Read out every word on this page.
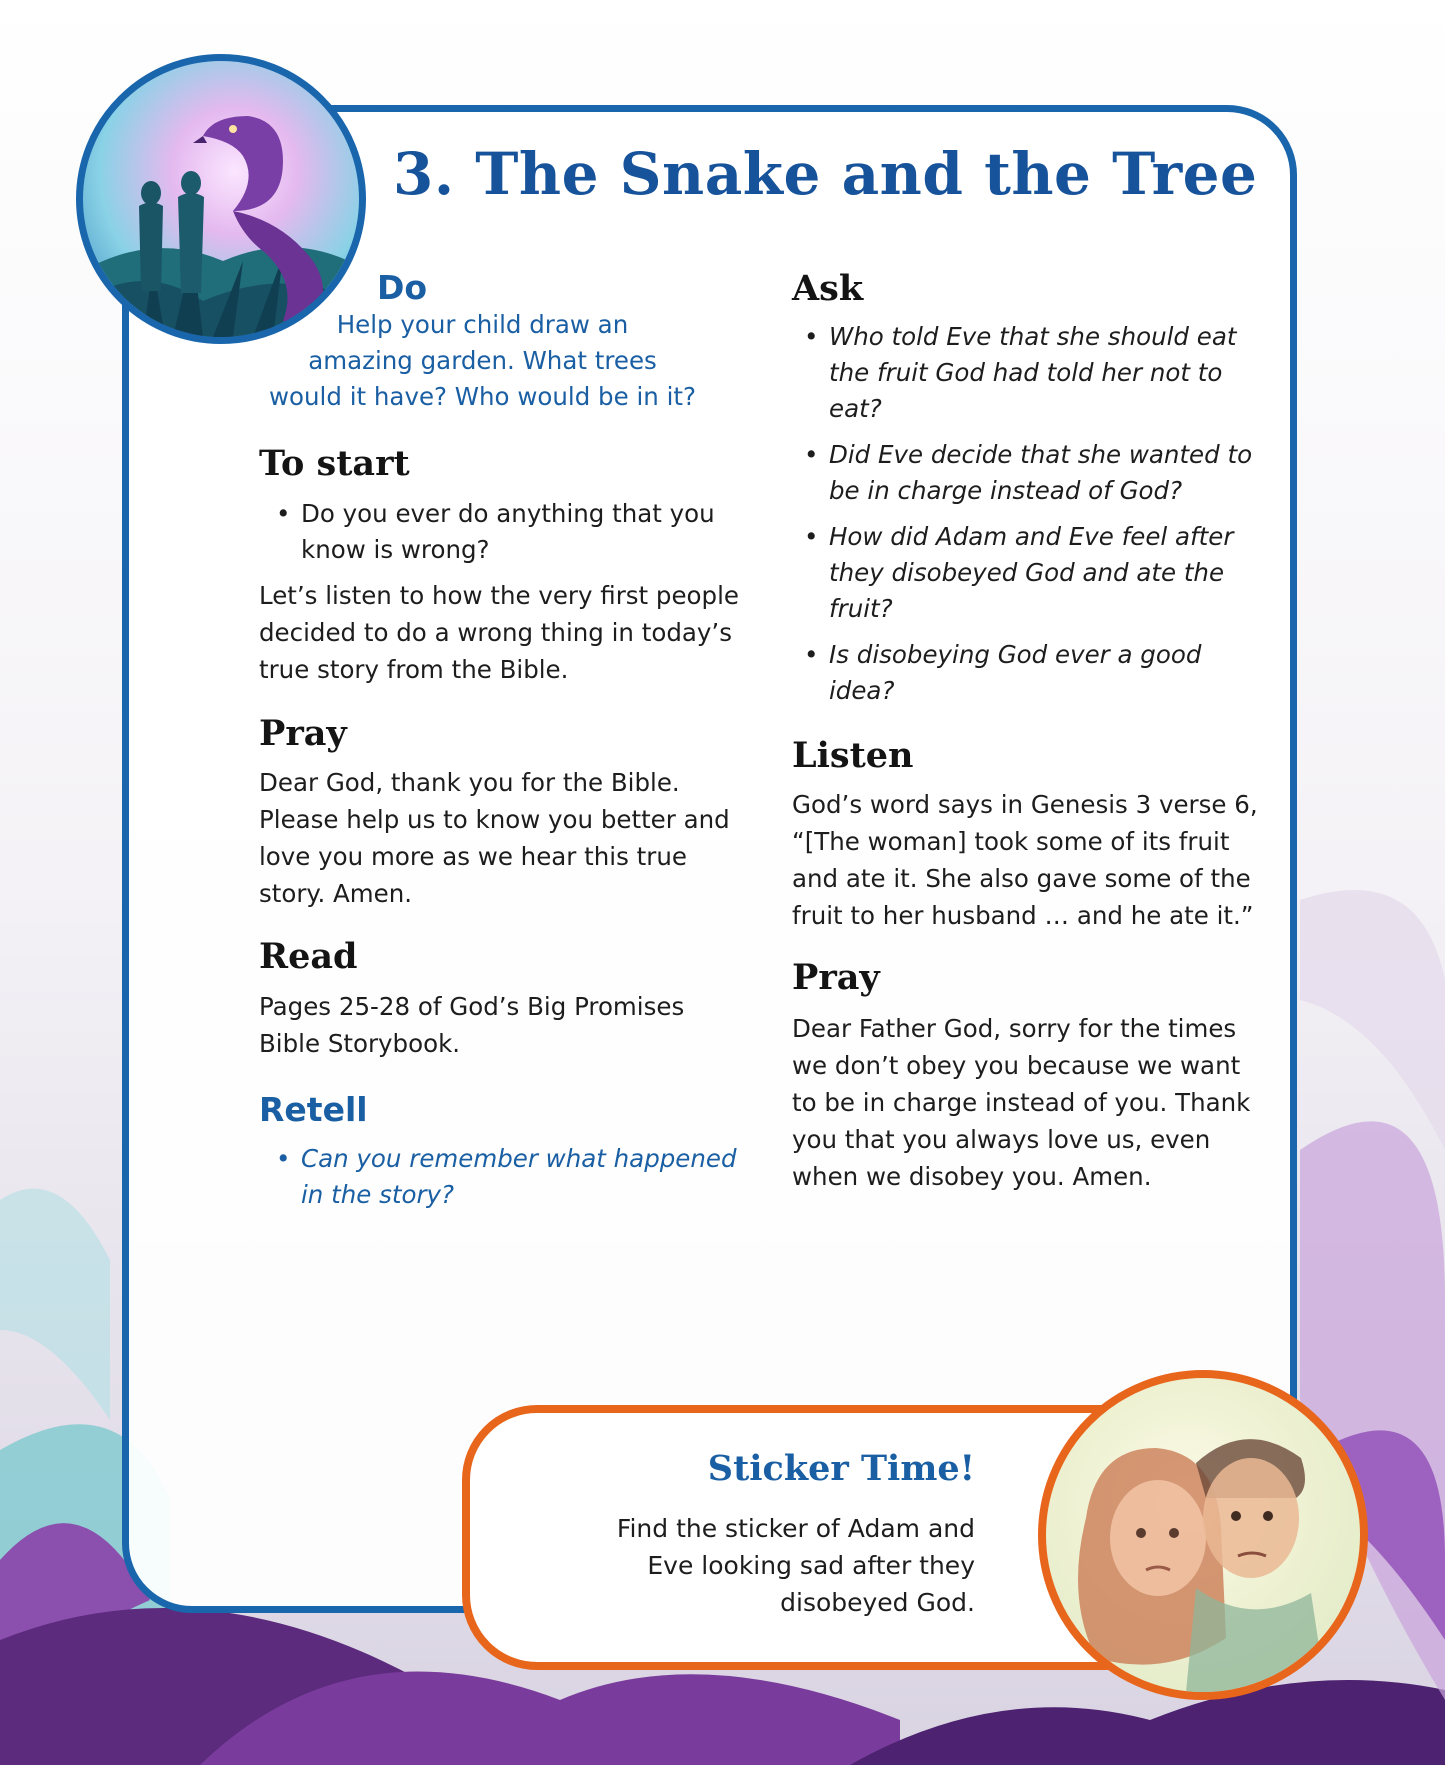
3. The Snake and the Tree
Do

Help your child draw an
amazing garden. What trees
would it have? Who would be in it?

To start
• Do you ever do anything that you know is wrong?

Let’s listen to how the very first people decided to do a wrong thing in today’s true story from the Bible.

Pray

Dear God, thank you for the Bible. Please help us to know you better and love you more as we hear this true story. Amen.

Read

Pages 25-28 of God’s Big Promises Bible Storybook.

Retell
• Can you remember what happened in the story?
Ask
• Who told Eve that she should eat the fruit God had told her not to eat?
• Did Eve decide that she wanted to be in charge instead of God?
• How did Adam and Eve feel after they disobeyed God and ate the fruit?
• Is disobeying God ever a good idea?
Listen

God’s word says in Genesis 3 verse 6, “[The woman] took some of its fruit and ate it. She also gave some of the fruit to her husband … and he ate it.”

Pray

Dear Father God, sorry for the times we don’t obey you because we want to be in charge instead of you. Thank you that you always love us, even when we disobey you. Amen.

Sticker Time!

Find the sticker of Adam and
Eve looking sad after they
disobeyed God.
